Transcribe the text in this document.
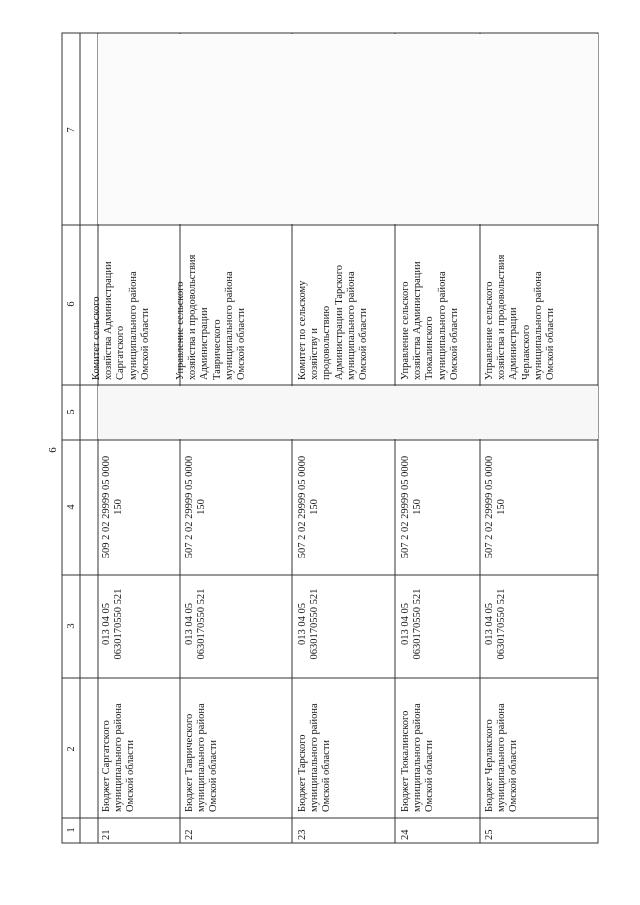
6
1
2
3
4
5
6
7
21
Бюджет Саргатского
муниципального района
Омской области
013 04 05
0630170550 521
509 2 02 29999 05 0000
150
Комитет сельского
хозяйства Администрации
Саргатского
муниципального района
Омской области
22
Бюджет Таврического
муниципального района
Омской области
013 04 05
0630170550 521
507 2 02 29999 05 0000
150
Управление сельского
хозяйства и продовольствия
Администрации
Таврического
муниципального района
Омской области
23
Бюджет Тарского
муниципального района
Омской области
013 04 05
0630170550 521
507 2 02 29999 05 0000
150
Комитет по сельскому
хозяйству и
продовольствию
Администрации Тарского
муниципального района
Омской области
24
Бюджет Тюкалинского
муниципального района
Омской области
013 04 05
0630170550 521
507 2 02 29999 05 0000
150
Управление сельского
хозяйства Администрации
Тюкалинского
муниципального района
Омской области
25
Бюджет Черлакского
муниципального района
Омской области
013 04 05
0630170550 521
507 2 02 29999 05 0000
150
Управление сельского
хозяйства и продовольствия
Администрации
Черлакского
муниципального района
Омской области
